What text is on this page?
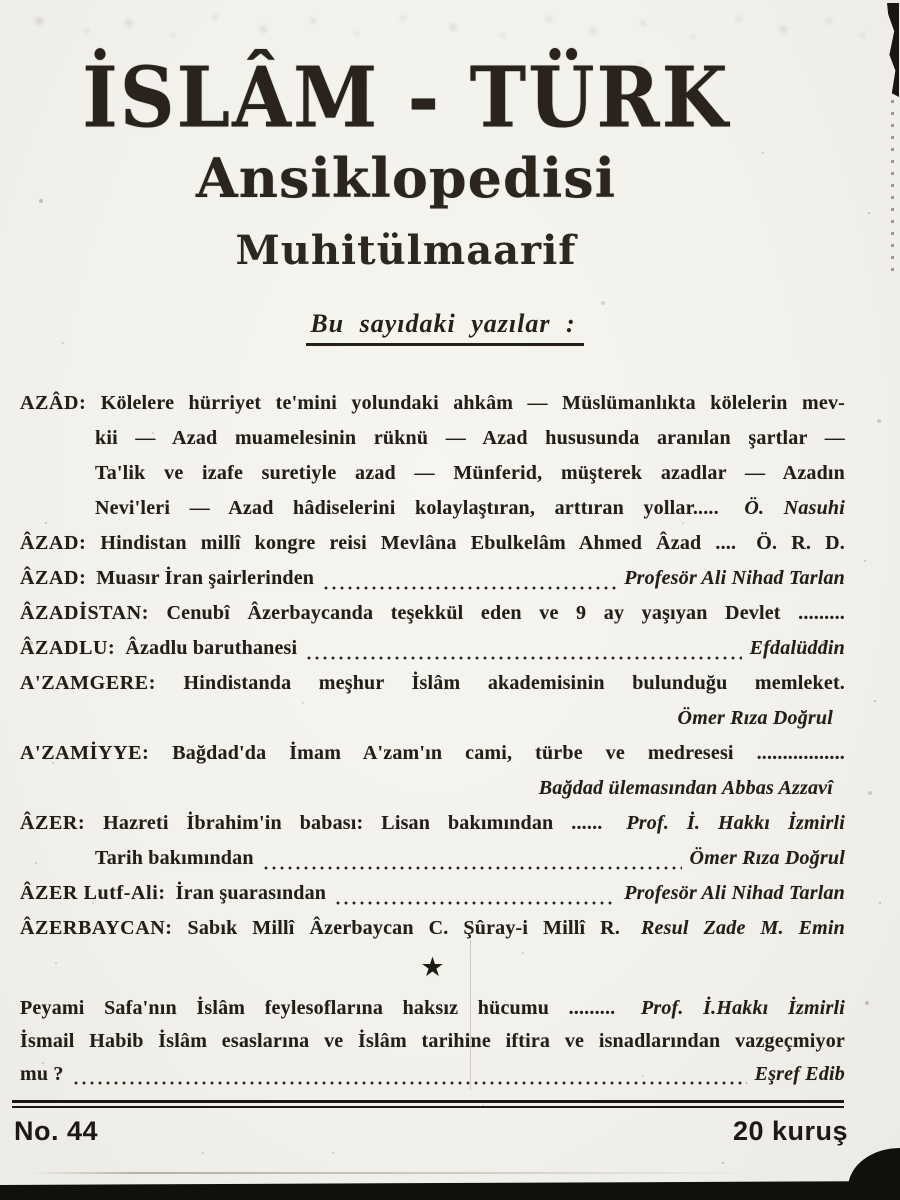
İSLÂM - TÜRK
Ansiklopedisi
Muhitülmaarif
Bu sayıdaki yazılar :
AZÂD: Kölelere hürriyet te'mini yolundaki ahkâm — Müslümanlıkta kölelerin mev-
kii — Azad muamelesinin rüknü — Azad hususunda aranılan şartlar —
Ta'lik ve izafe suretiyle azad — Münferid, müşterek azadlar — Azadın
Nevi'leri — Azad hâdiselerini kolaylaştıran, arttıran yollar..... Ö. Nasuhi
ÂZAD: Hindistan millî kongre reisi Mevlâna Ebulkelâm Ahmed Âzad .... Ö. R. D.
ÂZAD: Muasır İran şairlerinden	Profesör Ali Nihad Tarlan
ÂZADİSTAN: Cenubî Âzerbaycanda teşekkül eden ve 9 ay yaşıyan Devlet .........
ÂZADLU: Âzadlu baruthanesi	Efdalüddin
A'ZAMGERE: Hindistanda meşhur İslâm akademisinin bulunduğu memleket.
Ömer Rıza Doğrul
A'ZAMİYYE: Bağdad'da İmam A'zam'ın cami, türbe ve medresesi .................
Bağdad ülemasından Abbas Azzavî
ÂZER: Hazreti İbrahim'in babası: Lisan bakımından ...... Prof. İ. Hakkı İzmirli
Tarih bakımından	Ömer Rıza Doğrul
ÂZER Lutf-Ali: İran şuarasından	Profesör Ali Nihad Tarlan
ÂZERBAYCAN: Sabık Millî Âzerbaycan C. Şûray-i Millî R. Resul Zade M. Emin
★
Peyami Safa'nın İslâm feylesoflarına haksız hücumu ......... Prof. İ.Hakkı İzmirli
İsmail Habib İslâm esaslarına ve İslâm tarihine iftira ve isnadlarından vazgeçmiyor
mu ?	Eşref Edib
No. 44	20 kuruş
